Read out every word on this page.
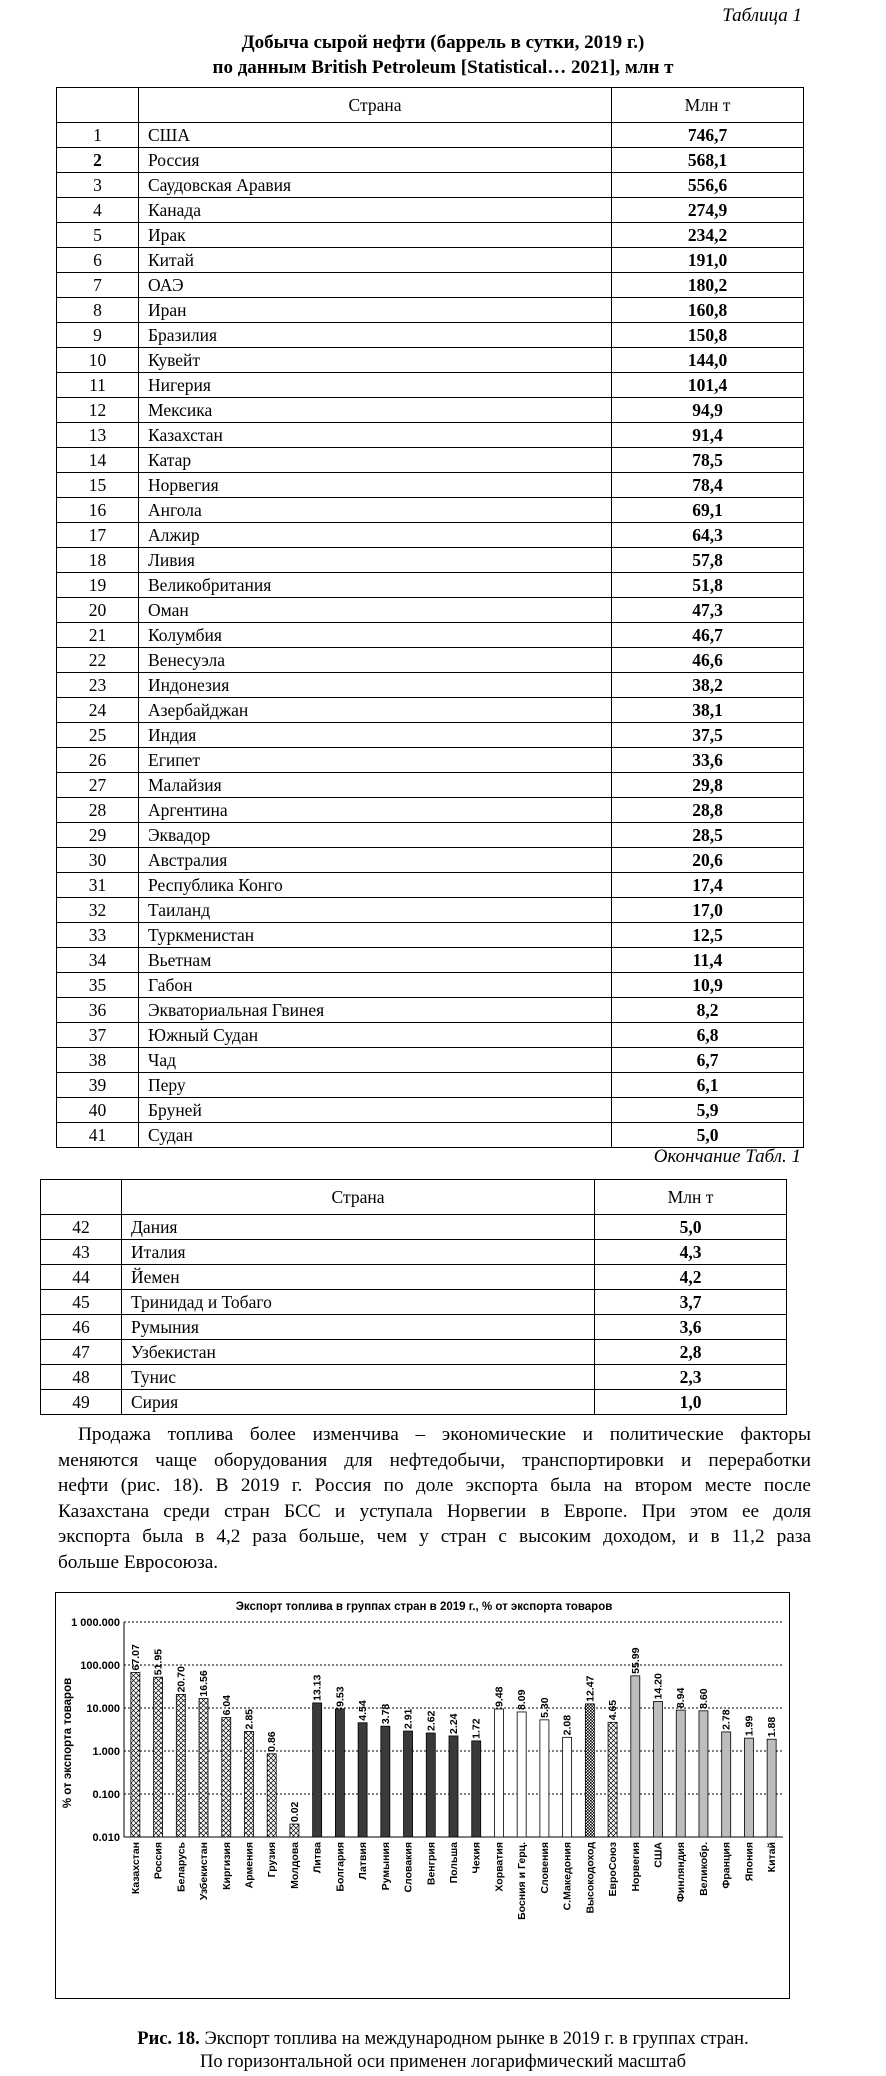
Таблица 1
Добыча сырой нефти (баррель в сутки, 2019 г.)
по данным British Petroleum [Statistical… 2021], млн т
	Страна	Млн т
1	США	746,7
2	Россия	568,1
3	Саудовская Аравия	556,6
4	Канада	274,9
5	Ирак	234,2
6	Китай	191,0
7	ОАЭ	180,2
8	Иран	160,8
9	Бразилия	150,8
10	Кувейт	144,0
11	Нигерия	101,4
12	Мексика	94,9
13	Казахстан	91,4
14	Катар	78,5
15	Норвегия	78,4
16	Ангола	69,1
17	Алжир	64,3
18	Ливия	57,8
19	Великобритания	51,8
20	Оман	47,3
21	Колумбия	46,7
22	Венесуэла	46,6
23	Индонезия	38,2
24	Азербайджан	38,1
25	Индия	37,5
26	Египет	33,6
27	Малайзия	29,8
28	Аргентина	28,8
29	Эквадор	28,5
30	Австралия	20,6
31	Республика Конго	17,4
32	Таиланд	17,0
33	Туркменистан	12,5
34	Вьетнам	11,4
35	Габон	10,9
36	Экваториальная Гвинея	8,2
37	Южный Судан	6,8
38	Чад	6,7
39	Перу	6,1
40	Бруней	5,9
41	Судан	5,0
Окончание Табл. 1
	Страна	Млн т
42	Дания	5,0
43	Италия	4,3
44	Йемен	4,2
45	Тринидад и Тобаго	3,7
46	Румыния	3,6
47	Узбекистан	2,8
48	Тунис	2,3
49	Сирия	1,0
Продажа топлива более изменчива – экономические и политические факторы
меняются чаще оборудования для нефтедобычи, транспортировки и переработки
нефти (рис. 18). В 2019 г. Россия по доле экспорта была на втором месте после
Казахстана среди стран БСС и уступала Норвегии в Европе. При этом ее доля
экспорта была в 4,2 раза больше, чем у стран с высоким доходом, и в 11,2 раза
больше Евросоюза.
Экспорт топлива в группах стран в 2019 г., % от экспорта товаров
67.07 51.95
20.70 16.56
6.04
2.85
0.86
0.02
13.13 9.53
4.54 3.78 2.91 2.62 2.24 1.72
9.48 8.09 5.30
2.08
12.47
4.65
55.99
14.20 8.94 8.60
2.78 1.99 1.88
Казахстан Россия Беларусь Узбекистан Киргизия Армения Грузия Молдова Литва Болгария Латвия Румыния Словакия Венгрия Польша Чехия Хорватия Босния и Герц. Словения С.Македония Высокодоход ЕвроСоюз Норвегия США Финляндия Великобр. Франция Япония Китай
0.010
0.100
1.000
10.000
100.000
1 000.000
% от экспорта товаров
Рис. 18. Экспорт топлива на международном рынке в 2019 г. в группах стран.
По горизонтальной оси применен логарифмический масштаб
